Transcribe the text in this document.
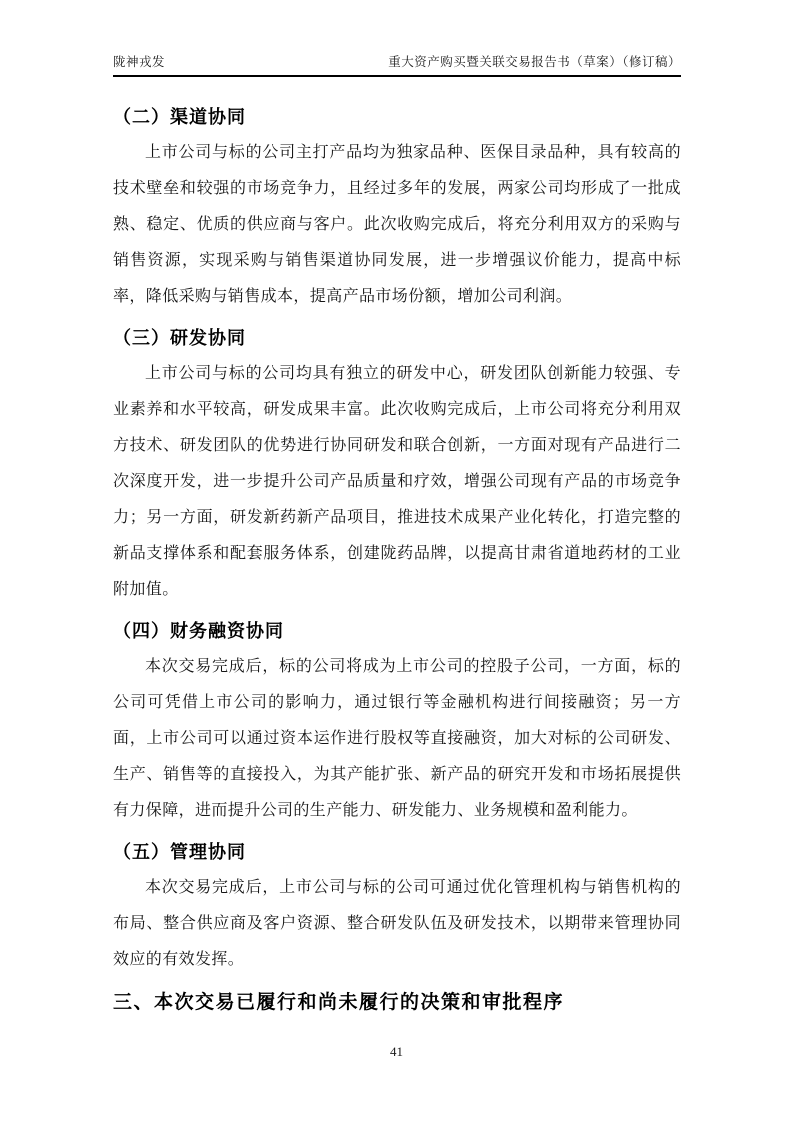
陇神戎发	重大资产购买暨关联交易报告书（草案）（修订稿）
（二）渠道协同

上市公司与标的公司主打产品均为独家品种、医保目录品种，具有较高的技术壁垒和较强的市场竞争力，且经过多年的发展，两家公司均形成了一批成熟、稳定、优质的供应商与客户。此次收购完成后，将充分利用双方的采购与销售资源，实现采购与销售渠道协同发展，进一步增强议价能力，提高中标率，降低采购与销售成本，提高产品市场份额，增加公司利润。

（三）研发协同

上市公司与标的公司均具有独立的研发中心，研发团队创新能力较强、专业素养和水平较高，研发成果丰富。此次收购完成后，上市公司将充分利用双方技术、研发团队的优势进行协同研发和联合创新，一方面对现有产品进行二次深度开发，进一步提升公司产品质量和疗效，增强公司现有产品的市场竞争力；另一方面，研发新药新产品项目，推进技术成果产业化转化，打造完整的新品支撑体系和配套服务体系，创建陇药品牌，以提高甘肃省道地药材的工业附加值。

（四）财务融资协同

本次交易完成后，标的公司将成为上市公司的控股子公司，一方面，标的公司可凭借上市公司的影响力，通过银行等金融机构进行间接融资；另一方面，上市公司可以通过资本运作进行股权等直接融资，加大对标的公司研发、生产、销售等的直接投入，为其产能扩张、新产品的研究开发和市场拓展提供有力保障，进而提升公司的生产能力、研发能力、业务规模和盈利能力。

（五）管理协同

本次交易完成后，上市公司与标的公司可通过优化管理机构与销售机构的布局、整合供应商及客户资源、整合研发队伍及研发技术，以期带来管理协同效应的有效发挥。

三、本次交易已履行和尚未履行的决策和审批程序
41
